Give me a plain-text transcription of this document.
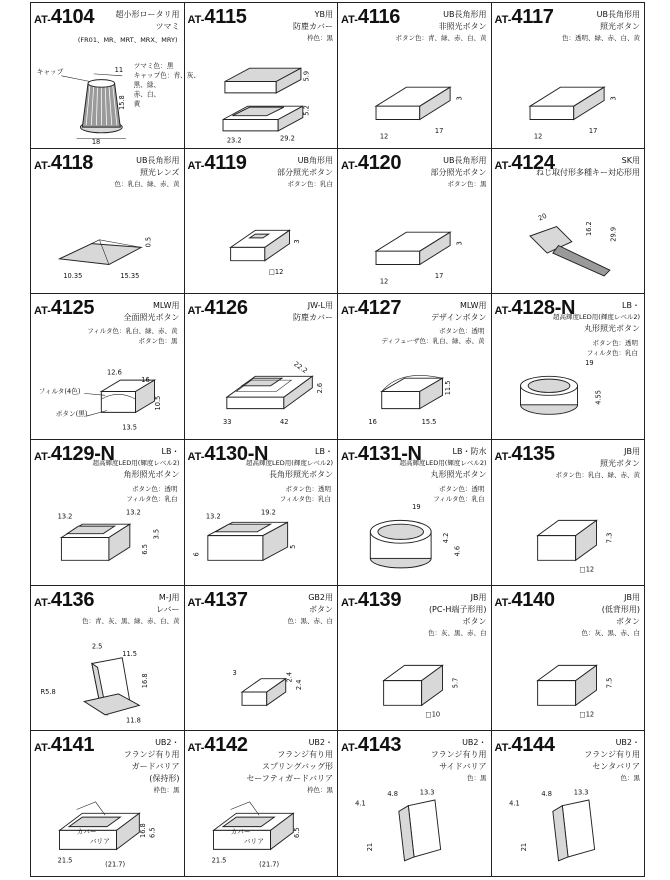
AT-4104	超小形ロータリ用
ツマミ
(FR01、MR、MRT、MRX、MRY)
11
15.8
18
キャップ
ツマミ色：黒
キャップ色：青、灰、
黒、緑、
赤、白、
黄
AT-4115	YB用
防塵カバー
枠色：黒
5.9
5.2
23.2	29.2
AT-4116	UB長角形用
非照光ボタン
ボタン色：青、緑、赤、白、黄
3
12
17
AT-4117	UB長角形用
照光ボタン
色：透明、緑、赤、白、黄
3
12
17
AT-4118	UB長角形用
照光レンズ
色：乳白、緑、赤、黄
0.5
10.35	15.35
AT-4119	UB角形用
部分照光ボタン
ボタン色：乳白
3
□12
AT-4120	UB長角形用
部分照光ボタン
ボタン色：黒
3
12
17
AT-4124	SK用
ねじ取付形多種キー対応形用
20
16.2 29.9
AT-4125	MLW用
全面照光ボタン
フィルタ色：乳白、緑、赤、黄
ボタン色：黒
12.6
16
10.5
13.5
フィルタ(4色)
ボタン(黒)
AT-4126	JW-L用
防塵カバー
22.2
2.6
33	42
AT-4127	MLW用
デザインボタン
ボタン色：透明
ディフューザ色：乳白、緑、赤、黄
11.5
16	15.5
AT-4128-N	LB・
超高輝度LED用(輝度レベル2)
丸形照光ボタン
ボタン色：透明
フィルタ色：乳白
19
4.55
AT-4129-N	LB・
超高輝度LED用(輝度レベル2)
角形照光ボタン
ボタン色：透明
フィルタ色：乳白
13.2	13.2
6.5
3.5
AT-4130-N	LB・
超高輝度LED用(輝度レベル2)
長角形照光ボタン
ボタン色：透明
フィルタ色：乳白
13.2	19.2
6
5
AT-4131-N	LB・防水
超高輝度LED用(輝度レベル2)
丸形照光ボタン
ボタン色：透明
フィルタ色：乳白
19
4.2
4.6
AT-4135	JB用
照光ボタン
ボタン色：乳白、緑、赤、黄
7.3
□12
AT-4136	M-J用
レバー
色：青、灰、黒、緑、赤、白、黄
2.5
11.5
16.8
11.8
R5.8
AT-4137	GB2用
ボタン
色：黒、赤、白
3	2.4
2.4
AT-4139	JB用
(PC-H端子形用)
ボタン
色：灰、黒、赤、白
5.7
□10
AT-4140	JB用
(低背形用)
ボタン
色：灰、黒、赤、白
7.5
□12
AT-4141	UB2・
フランジ有り用
ガードバリア
(保持形)
枠色：黒
カバー
バリア
21.5	(21.7)
16.8 6.5
AT-4142	UB2・
フランジ有り用
スプリングバッグ形
セーフティガードバリア
枠色：黒
カバー
バリア
21.5	(21.7)
6.5
AT-4143	UB2・
フランジ有り用
サイドバリア
色：黒
4.1
4.8	13.3
21
AT-4144	UB2・
フランジ有り用
センタバリア
色：黒
4.1
4.8	13.3
21
